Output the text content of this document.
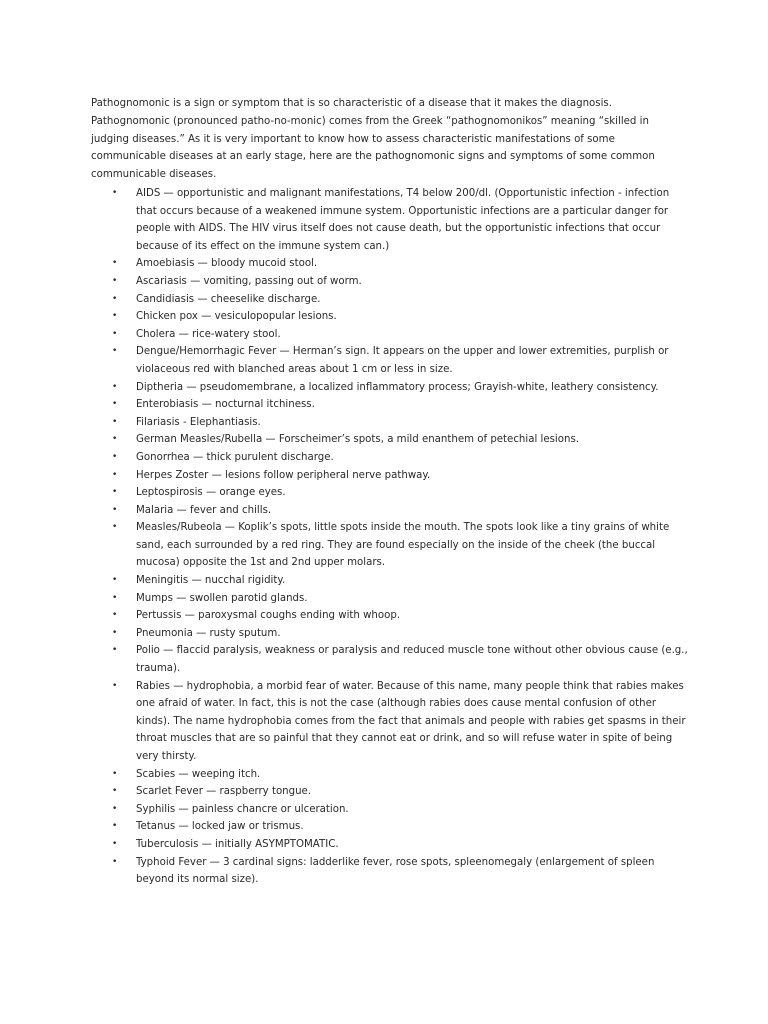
Pathognomonic is a sign or symptom that is so characteristic of a disease that it makes the diagnosis. Pathognomonic (pronounced patho-no-monic) comes from the Greek “pathognomonikos” meaning “skilled in judging diseases.” As it is very important to know how to assess characteristic manifestations of some communicable diseases at an early stage, here are the pathognomonic signs and symptoms of some common communicable diseases.

• AIDS — opportunistic and malignant manifestations, T4 below 200/dl. (Opportunistic infection - infection that occurs because of a weakened immune system. Opportunistic infections are a particular danger for people with AIDS. The HIV virus itself does not cause death, but the opportunistic infections that occur because of its effect on the immune system can.)
• Amoebiasis — bloody mucoid stool.
• Ascariasis — vomiting, passing out of worm.
• Candidiasis — cheeselike discharge.
• Chicken pox — vesiculopopular lesions.
• Cholera — rice-watery stool.
• Dengue/Hemorrhagic Fever — Herman’s sign. It appears on the upper and lower extremities, purplish or violaceous red with blanched areas about 1 cm or less in size.
• Diptheria — pseudomembrane, a localized inflammatory process; Grayish-white, leathery consistency.
• Enterobiasis — nocturnal itchiness.
• Filariasis - Elephantiasis.
• German Measles/Rubella — Forscheimer’s spots, a mild enanthem of petechial lesions.
• Gonorrhea — thick purulent discharge.
• Herpes Zoster — lesions follow peripheral nerve pathway.
• Leptospirosis — orange eyes.
• Malaria — fever and chills.
• Measles/Rubeola — Koplik’s spots, little spots inside the mouth. The spots look like a tiny grains of white sand, each surrounded by a red ring. They are found especially on the inside of the cheek (the buccal mucosa) opposite the 1st and 2nd upper molars.
• Meningitis — nucchal rigidity.
• Mumps — swollen parotid glands.
• Pertussis — paroxysmal coughs ending with whoop.
• Pneumonia — rusty sputum.
• Polio — flaccid paralysis, weakness or paralysis and reduced muscle tone without other obvious cause (e.g., trauma).
• Rabies — hydrophobia, a morbid fear of water. Because of this name, many people think that rabies makes one afraid of water. In fact, this is not the case (although rabies does cause mental confusion of other kinds). The name hydrophobia comes from the fact that animals and people with rabies get spasms in their throat muscles that are so painful that they cannot eat or drink, and so will refuse water in spite of being very thirsty.
• Scabies — weeping itch.
• Scarlet Fever — raspberry tongue.
• Syphilis — painless chancre or ulceration.
• Tetanus — locked jaw or trismus.
• Tuberculosis — initially ASYMPTOMATIC.
• Typhoid Fever — 3 cardinal signs: ladderlike fever, rose spots, spleenomegaly (enlargement of spleen beyond its normal size).
